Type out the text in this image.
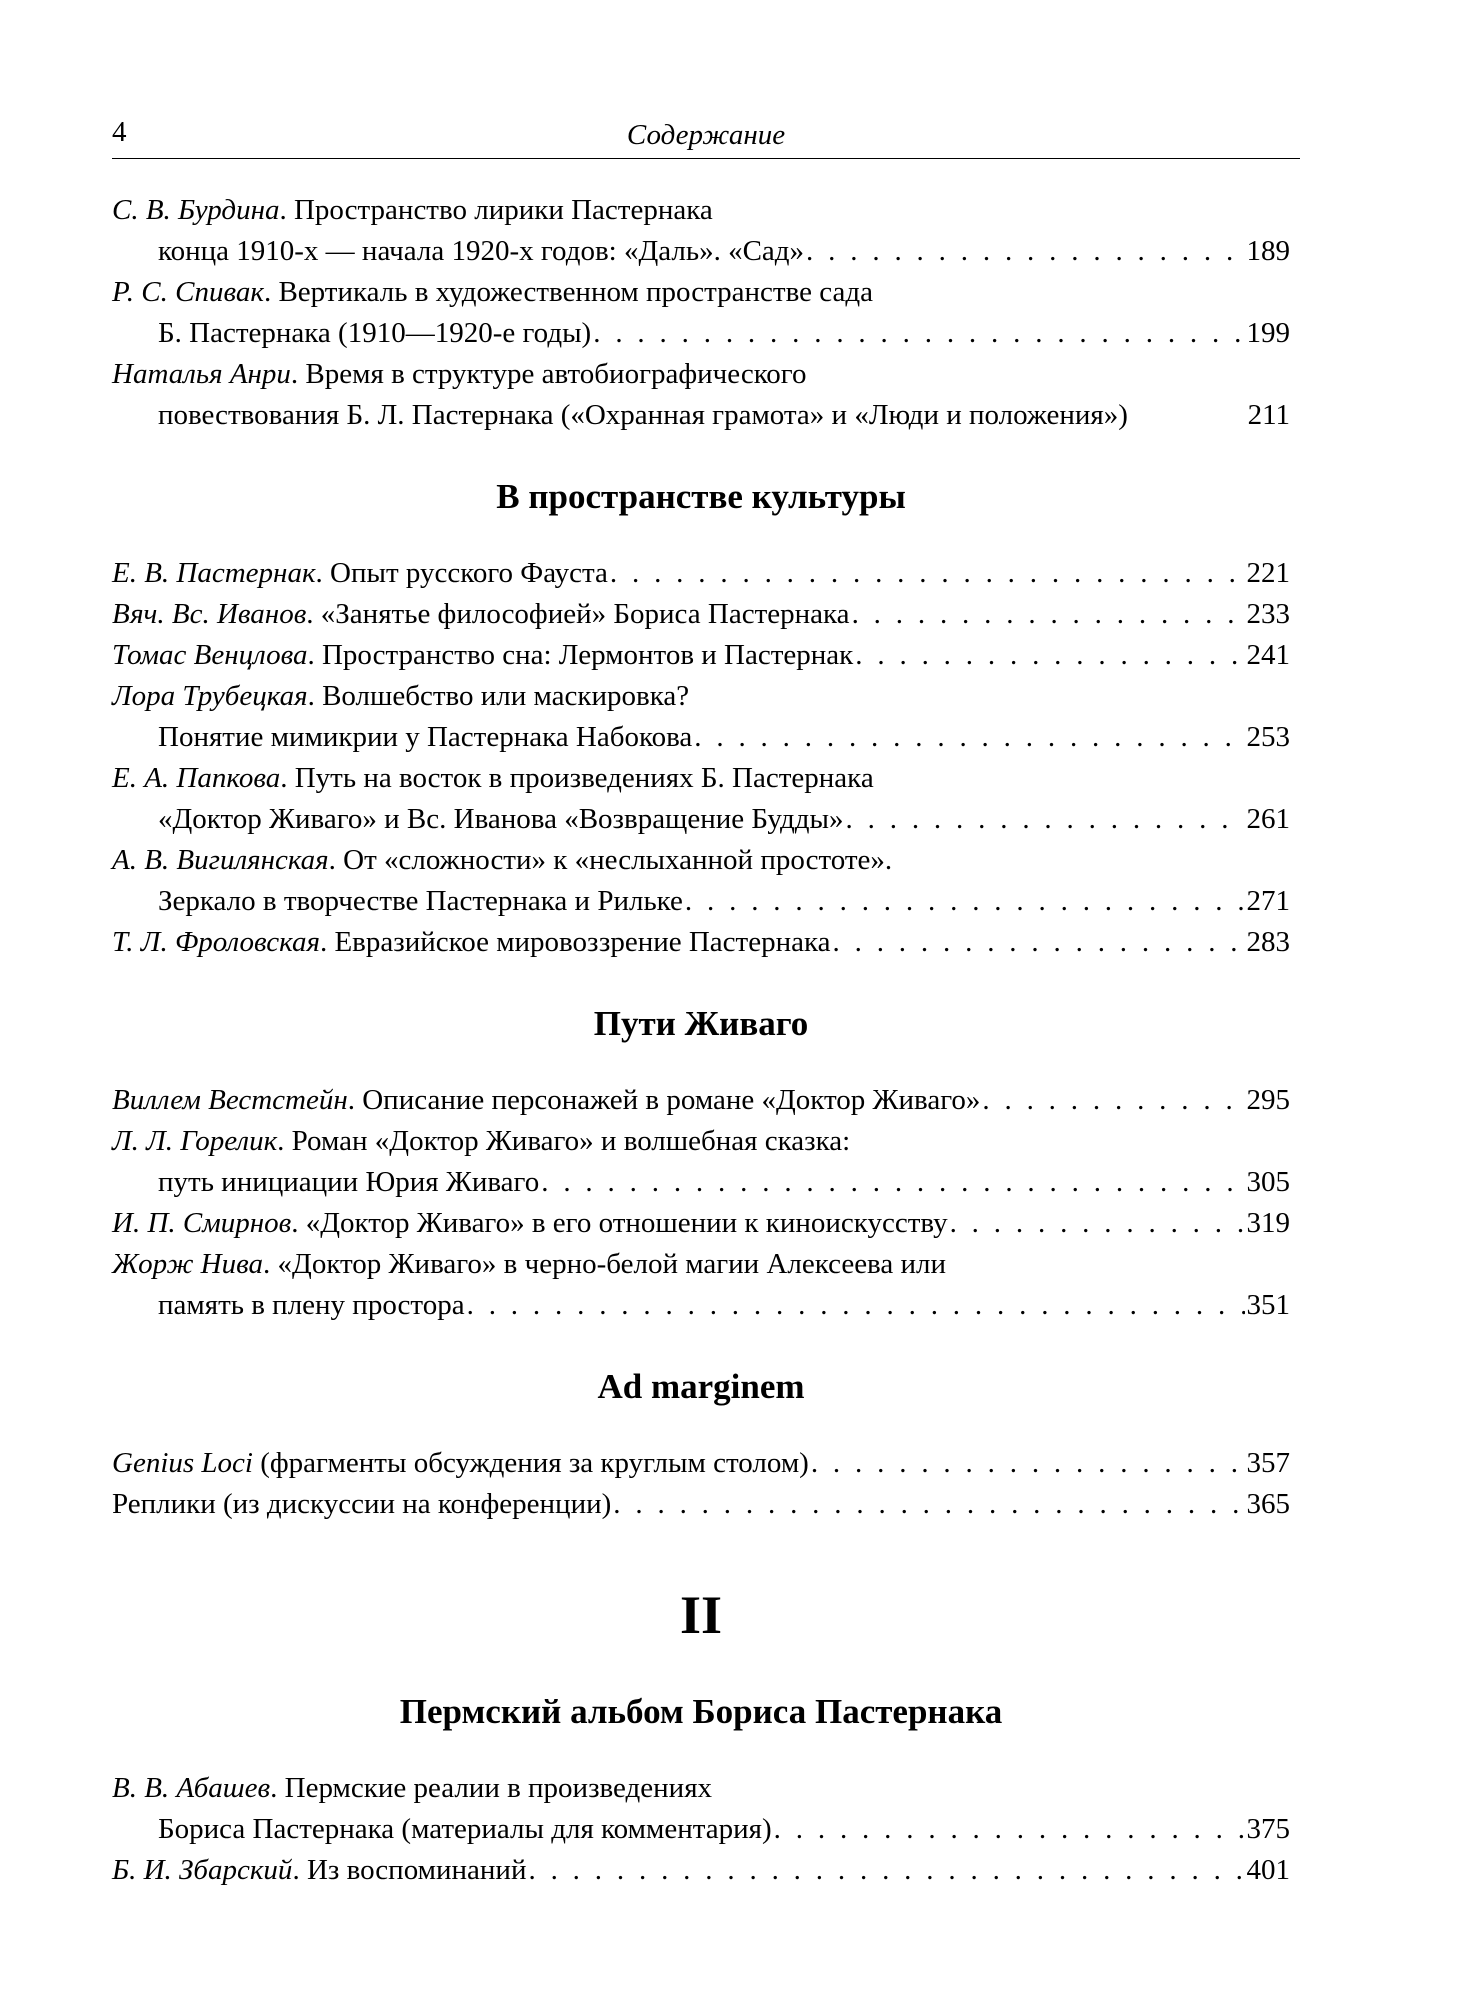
4	Содержание
С. В. Бурдина. Пространство лирики Пастернака
конца 1910-х — начала 1920-х годов: «Даль». «Сад» . . .	189
Р. С. Спивак. Вертикаль в художественном пространстве сада
Б. Пастернака (1910—1920-е годы) . . .	199
Наталья Анри. Время в структуре автобиографического
повествования Б. Л. Пастернака («Охранная грамота» и «Люди и положения»)	211
В пространстве культуры
Е. В. Пастернак. Опыт русского Фауста . . .	221
Вяч. Вс. Иванов. «Занятье философией» Бориса Пастернака . . .	233
Томас Венцлова. Пространство сна: Лермонтов и Пастернак . . .	241
Лора Трубецкая. Волшебство или маскировка?
Понятие мимикрии у Пастернака Набокова . . .	253
Е. А. Папкова. Путь на восток в произведениях Б. Пастернака
«Доктор Живаго» и Вс. Иванова «Возвращение Будды» . . .	261
А. В. Вигилянская. От «сложности» к «неслыханной простоте».
Зеркало в творчестве Пастернака и Рильке . . .	271
Т. Л. Фроловская. Евразийское мировоззрение Пастернака . . .	283
Пути Живаго
Виллем Вестстейн. Описание персонажей в романе «Доктор Живаго» . . .	295
Л. Л. Горелик. Роман «Доктор Живаго» и волшебная сказка:
путь инициации Юрия Живаго . . .	305
И. П. Смирнов. «Доктор Живаго» в его отношении к киноискусству . . .	319
Жорж Нива. «Доктор Живаго» в черно-белой магии Алексеева или
память в плену простора . . .	351
Ad marginem
Genius Loci (фрагменты обсуждения за круглым столом) . . .	357
Реплики (из дискуссии на конференции) . . .	365
II
Пермский альбом Бориса Пастернака
В. В. Абашев. Пермские реалии в произведениях
Бориса Пастернака (материалы для комментария) . . .	375
Б. И. Збарский. Из воспоминаний . . .	401
